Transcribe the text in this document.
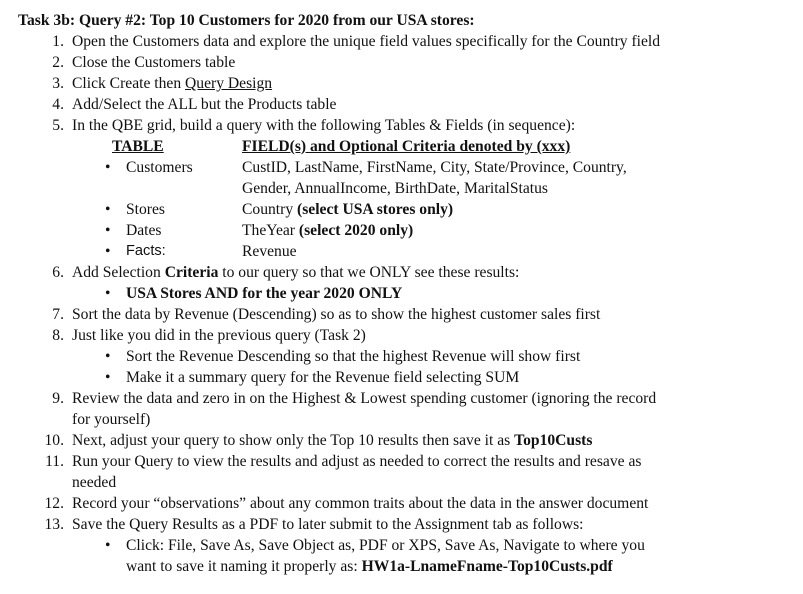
Task 3b: Query #2: Top 10 Customers for 2020 from our USA stores:
1. Open the Customers data and explore the unique field values specifically for the Country field
2. Close the Customers table
3. Click Create then Query Design
4. Add/Select the ALL but the Products table
5. In the QBE grid, build a query with the following Tables & Fields (in sequence):
TABLE	FIELD(s) and Optional Criteria denoted by (xxx)
• Customers	CustID, LastName, FirstName, City, State/Province, Country,
Gender, AnnualIncome, BirthDate, MaritalStatus
• Stores	Country (select USA stores only)
• Dates	TheYear (select 2020 only)
• Facts:	Revenue
6. Add Selection Criteria to our query so that we ONLY see these results:
• USA Stores AND for the year 2020 ONLY
7. Sort the data by Revenue (Descending) so as to show the highest customer sales first
8. Just like you did in the previous query (Task 2)
• Sort the Revenue Descending so that the highest Revenue will show first
• Make it a summary query for the Revenue field selecting SUM
9. Review the data and zero in on the Highest & Lowest spending customer (ignoring the record
for yourself)
10. Next, adjust your query to show only the Top 10 results then save it as Top10Custs
11. Run your Query to view the results and adjust as needed to correct the results and resave as
needed
12. Record your “observations” about any common traits about the data in the answer document
13. Save the Query Results as a PDF to later submit to the Assignment tab as follows:
• Click: File, Save As, Save Object as, PDF or XPS, Save As, Navigate to where you
want to save it naming it properly as: HW1a-LnameFname-Top10Custs.pdf
